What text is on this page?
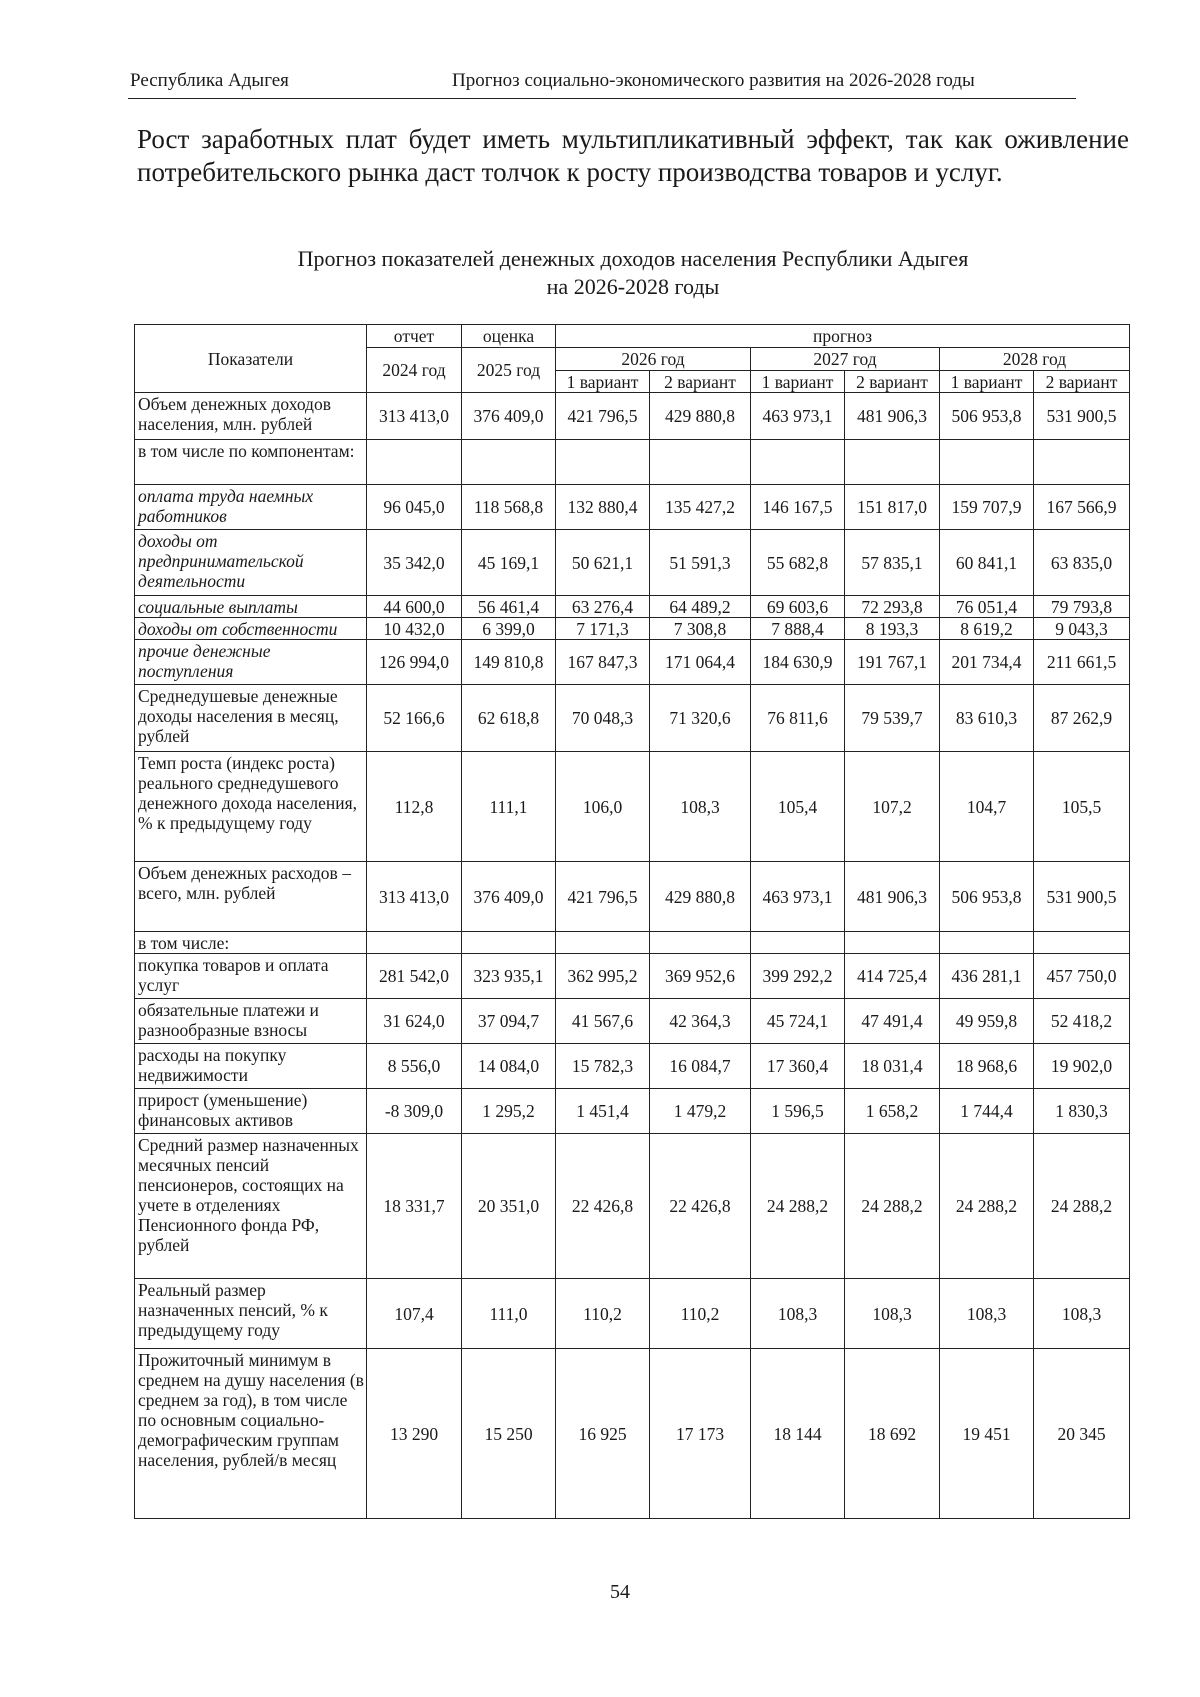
Республика Адыгея	Прогноз социально-экономического развития на 2026-2028 годы
Рост заработных плат будет иметь мультипликативный эффект, так как оживление потребительского рынка даст толчок к росту производства товаров и услуг.
Прогноз показателей денежных доходов населения Республики Адыгея
на 2026-2028 годы
Показатели	отчет	оценка	прогноз					
	2024 год	2025 год	2026 год		2027 год		2028 год	
			1 вариант	2 вариант	1 вариант	2 вариант	1 вариант	2 вариант
Объем денежных доходов населения, млн. рублей	313 413,0	376 409,0	421 796,5	429 880,8	463 973,1	481 906,3	506 953,8	531 900,5
в том числе по компонентам:								
оплата труда наемных работников	96 045,0	118 568,8	132 880,4	135 427,2	146 167,5	151 817,0	159 707,9	167 566,9
доходы от предпринимательской деятельности	35 342,0	45 169,1	50 621,1	51 591,3	55 682,8	57 835,1	60 841,1	63 835,0
социальные выплаты	44 600,0	56 461,4	63 276,4	64 489,2	69 603,6	72 293,8	76 051,4	79 793,8
доходы от собственности	10 432,0	6 399,0	7 171,3	7 308,8	7 888,4	8 193,3	8 619,2	9 043,3
прочие денежные поступления	126 994,0	149 810,8	167 847,3	171 064,4	184 630,9	191 767,1	201 734,4	211 661,5
Среднедушевые денежные доходы населения в месяц, рублей	52 166,6	62 618,8	70 048,3	71 320,6	76 811,6	79 539,7	83 610,3	87 262,9
Темп роста (индекс роста) реального среднедушевого денежного дохода населения, % к предыдущему году	112,8	111,1	106,0	108,3	105,4	107,2	104,7	105,5
Объем денежных расходов – всего, млн. рублей	313 413,0	376 409,0	421 796,5	429 880,8	463 973,1	481 906,3	506 953,8	531 900,5
в том числе:								
покупка товаров и оплата услуг	281 542,0	323 935,1	362 995,2	369 952,6	399 292,2	414 725,4	436 281,1	457 750,0
обязательные платежи и разнообразные взносы	31 624,0	37 094,7	41 567,6	42 364,3	45 724,1	47 491,4	49 959,8	52 418,2
расходы на покупку недвижимости	8 556,0	14 084,0	15 782,3	16 084,7	17 360,4	18 031,4	18 968,6	19 902,0
прирост (уменьшение) финансовых активов	-8 309,0	1 295,2	1 451,4	1 479,2	1 596,5	1 658,2	1 744,4	1 830,3
Средний размер назначенных месячных пенсий пенсионеров, состоящих на учете в отделениях Пенсионного фонда РФ, рублей	18 331,7	20 351,0	22 426,8	22 426,8	24 288,2	24 288,2	24 288,2	24 288,2
Реальный размер назначенных пенсий, % к предыдущему году	107,4	111,0	110,2	110,2	108,3	108,3	108,3	108,3
Прожиточный минимум в среднем на душу населения (в среднем за год), в том числе по основным социально-демографическим группам населения, рублей/в месяц	13 290	15 250	16 925	17 173	18 144	18 692	19 451	20 345
54
